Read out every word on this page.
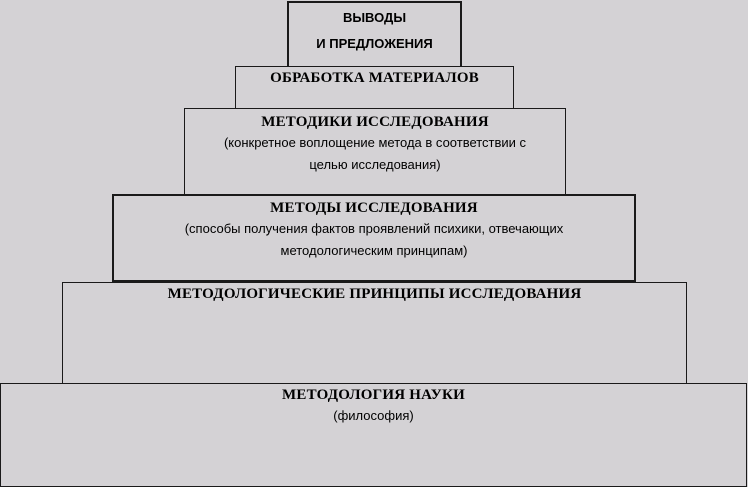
МЕТОДОЛОГИЯ НАУКИ
(философия)
МЕТОДОЛОГИЧЕСКИЕ ПРИНЦИПЫ ИССЛЕДОВАНИЯ
МЕТОДЫ ИССЛЕДОВАНИЯ
(способы получения фактов проявлений психики, отвечающих
методологическим принципам)
МЕТОДИКИ ИССЛЕДОВАНИЯ
(конкретное воплощение метода в соответствии с
целью исследования)
ОБРАБОТКА МАТЕРИАЛОВ
ВЫВОДЫ
И ПРЕДЛОЖЕНИЯ
